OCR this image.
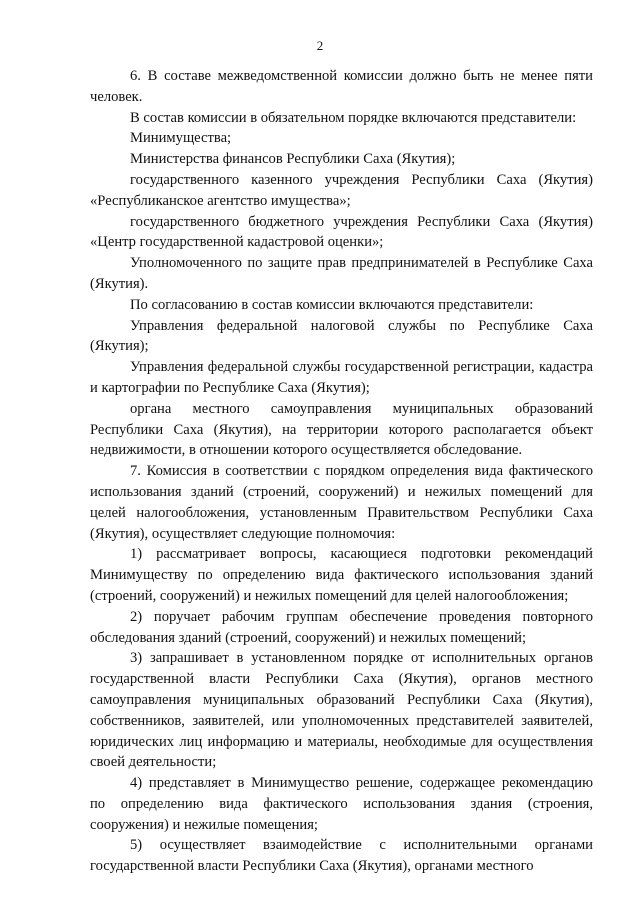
2

6. В составе межведомственной комиссии должно быть не менее пяти человек.

В состав комиссии в обязательном порядке включаются представители:

Минимущества;

Министерства финансов Республики Саха (Якутия);

государственного казенного учреждения Республики Саха (Якутия) «Республиканское агентство имущества»;

государственного бюджетного учреждения Республики Саха (Якутия) «Центр государственной кадастровой оценки»;

Уполномоченного по защите прав предпринимателей в Республике Саха (Якутия).

По согласованию в состав комиссии включаются представители:

Управления федеральной налоговой службы по Республике Саха (Якутия);

Управления федеральной службы государственной регистрации, кадастра и картографии по Республике Саха (Якутия);

органа местного самоуправления муниципальных образований Республики Саха (Якутия), на территории которого располагается объект недвижимости, в отношении которого осуществляется обследование.

7. Комиссия в соответствии с порядком определения вида фактического использования зданий (строений, сооружений) и нежилых помещений для целей налогообложения, установленным Правительством Республики Саха (Якутия), осуществляет следующие полномочия:

1) рассматривает вопросы, касающиеся подготовки рекомендаций Минимуществу по определению вида фактического использования зданий (строений, сооружений) и нежилых помещений для целей налогообложения;

2) поручает рабочим группам обеспечение проведения повторного обследования зданий (строений, сооружений) и нежилых помещений;

3) запрашивает в установленном порядке от исполнительных органов государственной власти Республики Саха (Якутия), органов местного самоуправления муниципальных образований Республики Саха (Якутия), собственников, заявителей, или уполномоченных представителей заявителей, юридических лиц информацию и материалы, необходимые для осуществления своей деятельности;

4) представляет в Минимущество решение, содержащее рекомендацию по определению вида фактического использования здания (строения, сооружения) и нежилые помещения;

5) осуществляет взаимодействие с исполнительными органами государственной власти Республики Саха (Якутия), органами местного
